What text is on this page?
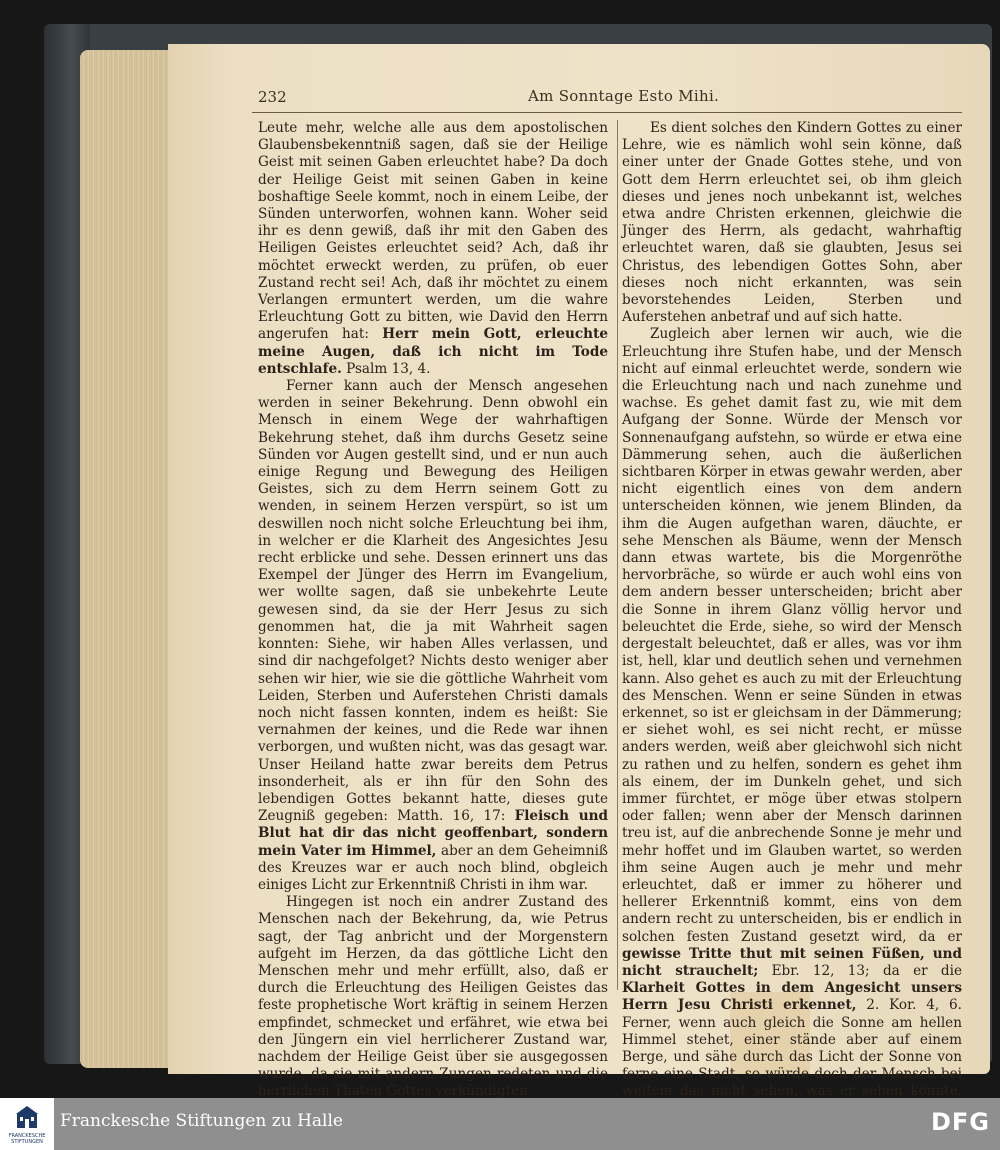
232	Am Sonntage Esto Mihi.

Leute mehr, welche alle aus dem apostolischen Glaubensbekenntniß sagen, daß sie der Heilige Geist mit seinen Gaben erleuchtet habe? Da doch der Heilige Geist mit seinen Gaben in keine boshaftige Seele kommt, noch in einem Leibe, der Sünden unterworfen, wohnen kann. Woher seid ihr es denn gewiß, daß ihr mit den Gaben des Heiligen Geistes erleuchtet seid? Ach, daß ihr möchtet erweckt werden, zu prüfen, ob euer Zustand recht sei! Ach, daß ihr möchtet zu einem Verlangen ermuntert werden, um die wahre Erleuchtung Gott zu bitten, wie David den Herrn angerufen hat: Herr mein Gott, erleuchte meine Augen, daß ich nicht im Tode entschlafe. Psalm 13, 4.

Ferner kann auch der Mensch angesehen werden in seiner Bekehrung. Denn obwohl ein Mensch in einem Wege der wahrhaftigen Bekehrung stehet, daß ihm durchs Gesetz seine Sünden vor Augen gestellt sind, und er nun auch einige Regung und Bewegung des Heiligen Geistes, sich zu dem Herrn seinem Gott zu wenden, in seinem Herzen verspürt, so ist um deswillen noch nicht solche Erleuchtung bei ihm, in welcher er die Klarheit des Angesichtes Jesu recht erblicke und sehe. Dessen erinnert uns das Exempel der Jünger des Herrn im Evangelium, wer wollte sagen, daß sie unbekehrte Leute gewesen sind, da sie der Herr Jesus zu sich genommen hat, die ja mit Wahrheit sagen konnten: Siehe, wir haben Alles verlassen, und sind dir nachgefolget? Nichts desto weniger aber sehen wir hier, wie sie die göttliche Wahrheit vom Leiden, Sterben und Auferstehen Christi damals noch nicht fassen konnten, indem es heißt: Sie vernahmen der keines, und die Rede war ihnen verborgen, und wußten nicht, was das gesagt war. Unser Heiland hatte zwar bereits dem Petrus insonderheit, als er ihn für den Sohn des lebendigen Gottes bekannt hatte, dieses gute Zeugniß gegeben: Matth. 16, 17: Fleisch und Blut hat dir das nicht geoffenbart, sondern mein Vater im Himmel, aber an dem Geheimniß des Kreuzes war er auch noch blind, obgleich einiges Licht zur Erkenntniß Christi in ihm war.

Hingegen ist noch ein andrer Zustand des Menschen nach der Bekehrung, da, wie Petrus sagt, der Tag anbricht und der Morgenstern aufgeht im Herzen, da das göttliche Licht den Menschen mehr und mehr erfüllt, also, daß er durch die Erleuchtung des Heiligen Geistes das feste prophetische Wort kräftig in seinem Herzen empfindet, schmecket und erfähret, wie etwa bei den Jüngern ein viel herrlicherer Zustand war, nachdem der Heilige Geist über sie ausgegossen wurde, da sie mit andern Zungen redeten und die herrlichen Thaten Gottes verkündigten.

Es dient solches den Kindern Gottes zu einer Lehre, wie es nämlich wohl sein könne, daß einer unter der Gnade Gottes stehe, und von Gott dem Herrn erleuchtet sei, ob ihm gleich dieses und jenes noch unbekannt ist, welches etwa andre Christen erkennen, gleichwie die Jünger des Herrn, als gedacht, wahrhaftig erleuchtet waren, daß sie glaubten, Jesus sei Christus, des lebendigen Gottes Sohn, aber dieses noch nicht erkannten, was sein bevorstehendes Leiden, Sterben und Auferstehen anbetraf und auf sich hatte.

Zugleich aber lernen wir auch, wie die Erleuchtung ihre Stufen habe, und der Mensch nicht auf einmal erleuchtet werde, sondern wie die Erleuchtung nach und nach zunehme und wachse. Es gehet damit fast zu, wie mit dem Aufgang der Sonne. Würde der Mensch vor Sonnenaufgang aufstehn, so würde er etwa eine Dämmerung sehen, auch die äußerlichen sichtbaren Körper in etwas gewahr werden, aber nicht eigentlich eines von dem andern unterscheiden können, wie jenem Blinden, da ihm die Augen aufgethan waren, däuchte, er sehe Menschen als Bäume, wenn der Mensch dann etwas wartete, bis die Morgenröthe hervorbräche, so würde er auch wohl eins von dem andern besser unterscheiden; bricht aber die Sonne in ihrem Glanz völlig hervor und beleuchtet die Erde, siehe, so wird der Mensch dergestalt beleuchtet, daß er alles, was vor ihm ist, hell, klar und deutlich sehen und vernehmen kann. Also gehet es auch zu mit der Erleuchtung des Menschen. Wenn er seine Sünden in etwas erkennet, so ist er gleichsam in der Dämmerung; er siehet wohl, es sei nicht recht, er müsse anders werden, weiß aber gleichwohl sich nicht zu rathen und zu helfen, sondern es gehet ihm als einem, der im Dunkeln gehet, und sich immer fürchtet, er möge über etwas stolpern oder fallen; wenn aber der Mensch darinnen treu ist, auf die anbrechende Sonne je mehr und mehr hoffet und im Glauben wartet, so werden ihm seine Augen auch je mehr und mehr erleuchtet, daß er immer zu höherer und hellerer Erkenntniß kommt, eins von dem andern recht zu unterscheiden, bis er endlich in solchen festen Zustand gesetzt wird, da er gewisse Tritte thut mit seinen Füßen, und nicht strauchelt; Ebr. 12, 13; da er die Klarheit Gottes in dem Angesicht unsers Herrn Jesu Christi erkennet, 2. Kor. 4, 6. Ferner, wenn auch gleich die Sonne am hellen Himmel stehet, einer stände aber auf einem Berge, und sähe durch das Licht der Sonne von ferne eine Stadt, so würde doch der Mensch bei weitem das nicht sehen, was er sehen könnte,

FRANCKESCHE STIFTUNGEN
Franckesche Stiftungen zu Halle	DFG
